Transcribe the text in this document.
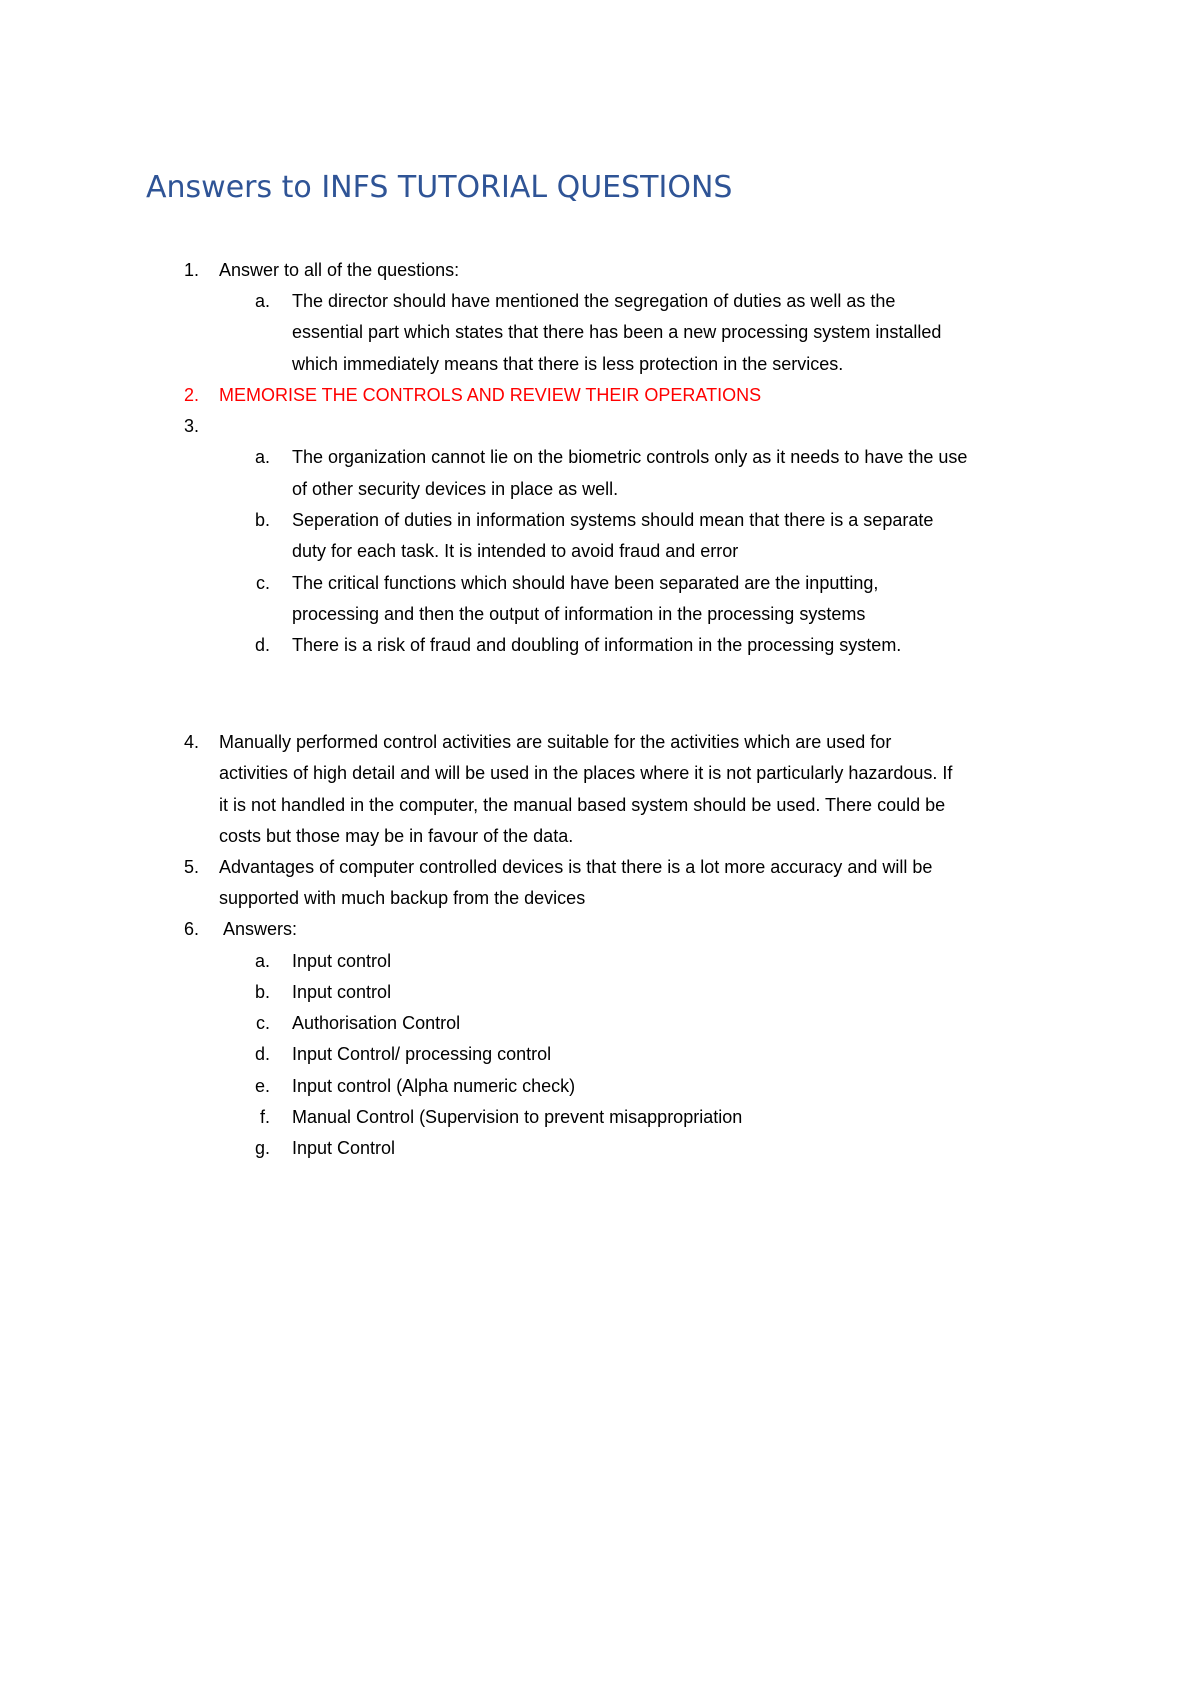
Answers to INFS TUTORIAL QUESTIONS
1. Answer to all of the questions:
a. The director should have mentioned the segregation of duties as well as the
essential part which states that there has been a new processing system installed
which immediately means that there is less protection in the services.
2. MEMORISE THE CONTROLS AND REVIEW THEIR OPERATIONS
3.
a. The organization cannot lie on the biometric controls only as it needs to have the use
of other security devices in place as well.
b. Seperation of duties in information systems should mean that there is a separate
duty for each task. It is intended to avoid fraud and error
c. The critical functions which should have been separated are the inputting,
processing and then the output of information in the processing systems
d. There is a risk of fraud and doubling of information in the processing system.
4. Manually performed control activities are suitable for the activities which are used for
activities of high detail and will be used in the places where it is not particularly hazardous. If
it is not handled in the computer, the manual based system should be used. There could be
costs but those may be in favour of the data.
5. Advantages of computer controlled devices is that there is a lot more accuracy and will be
supported with much backup from the devices
6. Answers:
a. Input control
b. Input control
c. Authorisation Control
d. Input Control/ processing control
e. Input control (Alpha numeric check)
f. Manual Control (Supervision to prevent misappropriation
g. Input Control
